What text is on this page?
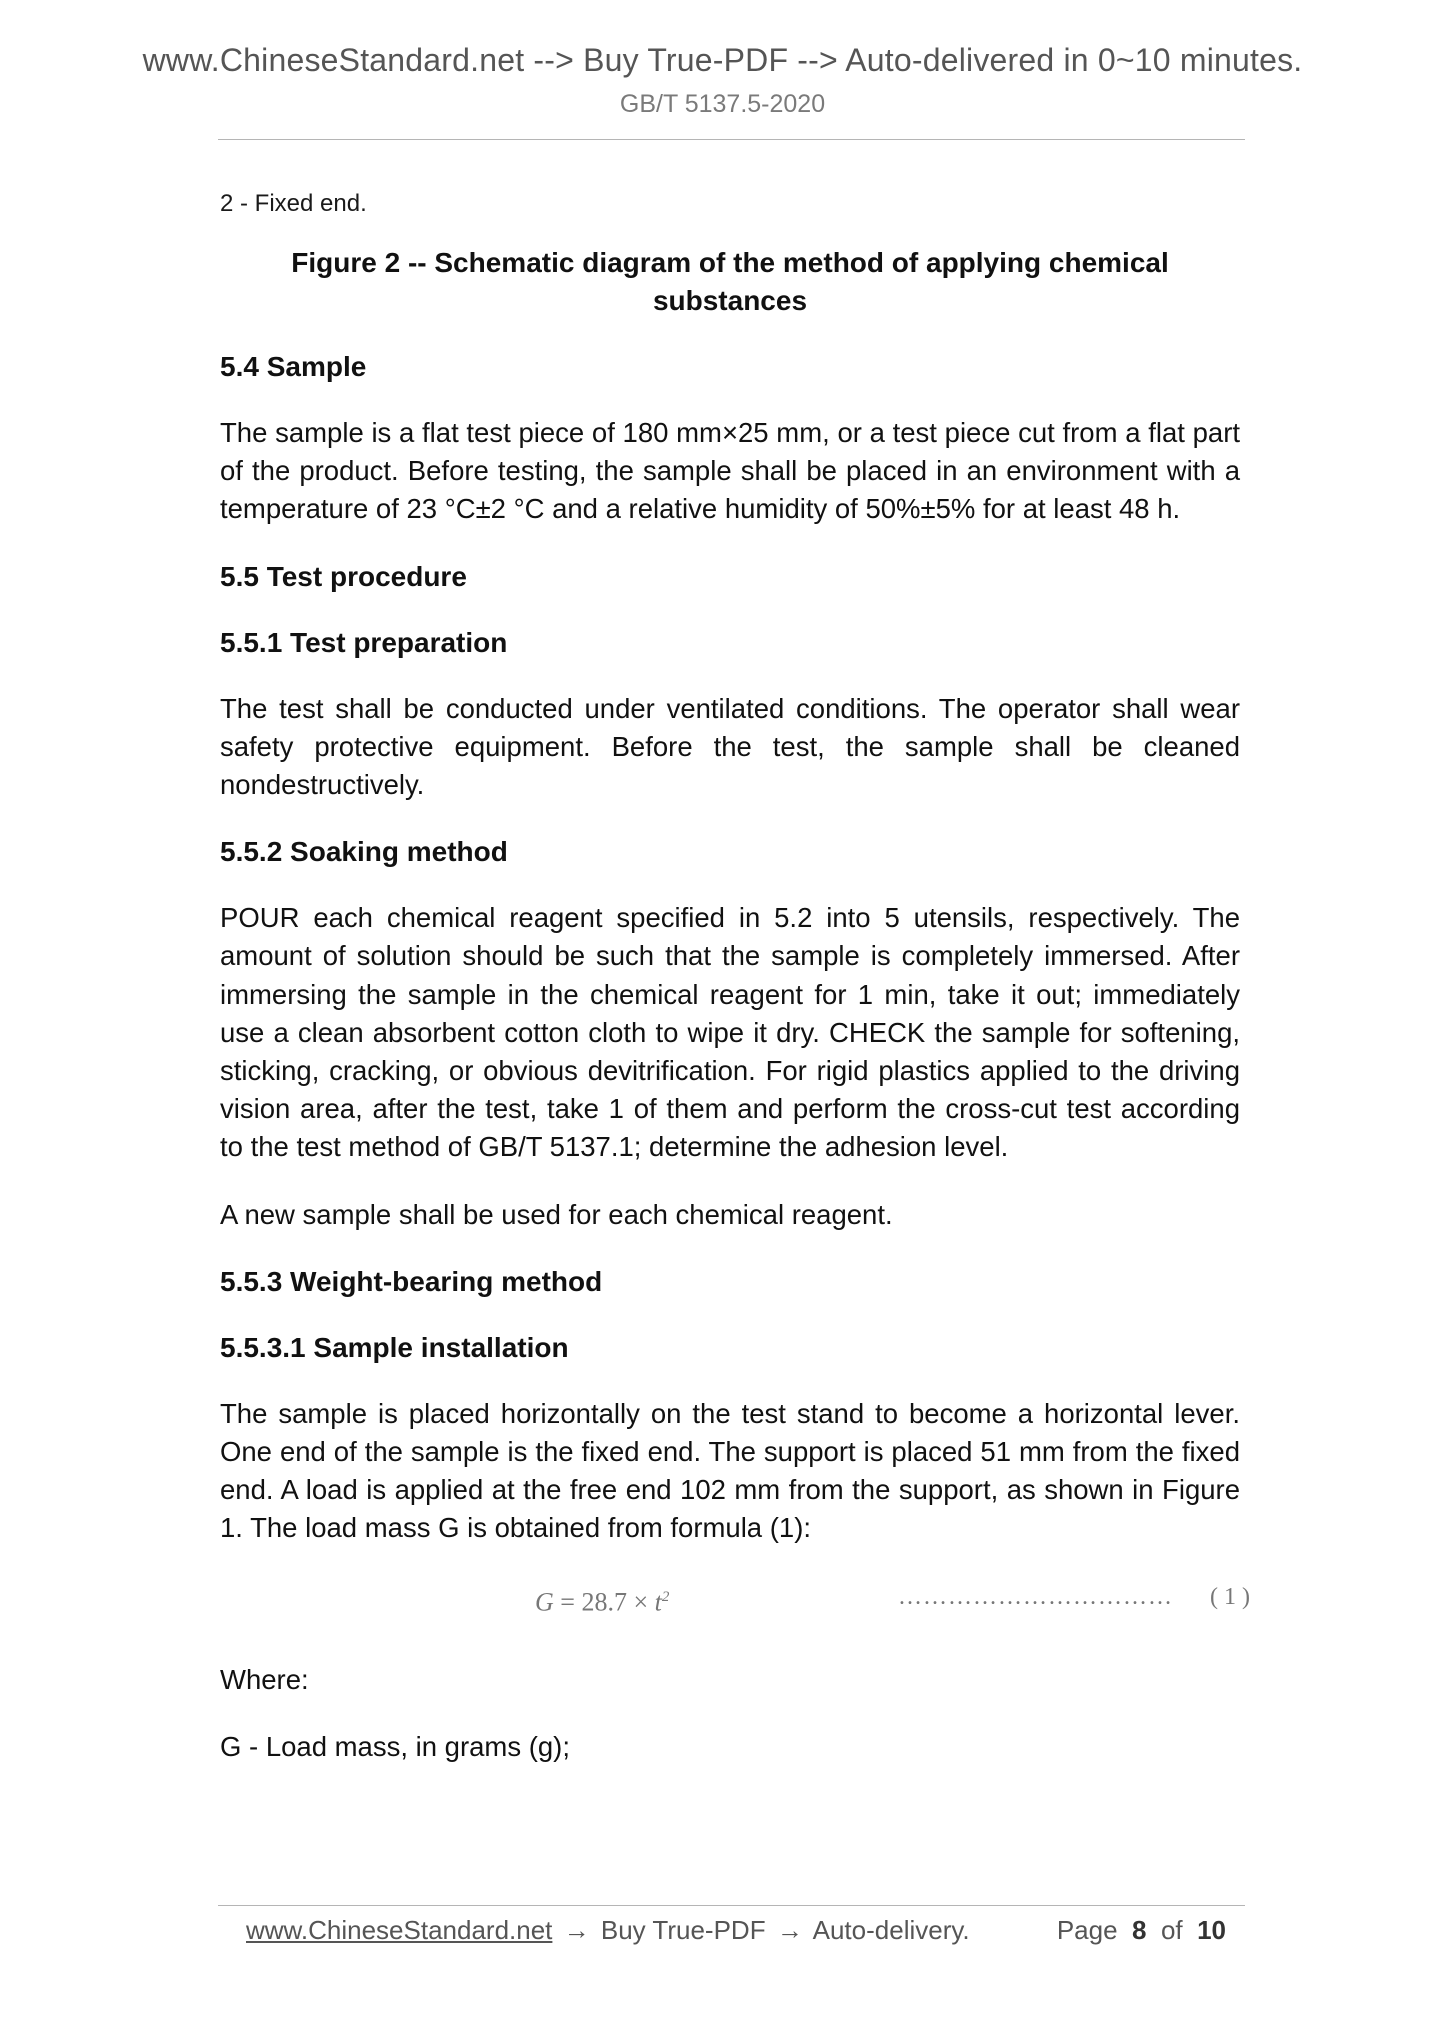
www.ChineseStandard.net --> Buy True-PDF --> Auto-delivered in 0~10 minutes.
GB/T 5137.5-2020

2 - Fixed end.

Figure 2 -- Schematic diagram of the method of applying chemical
substances
5.4 Sample

The sample is a flat test piece of 180 mm×25 mm, or a test piece cut from a flat part of the product. Before testing, the sample shall be placed in an environment with a temperature of 23 °C±2 °C and a relative humidity of 50%±5% for at least 48 h.

5.5 Test procedure
5.5.1 Test preparation

The test shall be conducted under ventilated conditions. The operator shall wear safety protective equipment. Before the test, the sample shall be cleaned nondestructively.

5.5.2 Soaking method

POUR each chemical reagent specified in 5.2 into 5 utensils, respectively. The amount of solution should be such that the sample is completely immersed. After immersing the sample in the chemical reagent for 1 min, take it out; immediately use a clean absorbent cotton cloth to wipe it dry. CHECK the sample for softening, sticking, cracking, or obvious devitrification. For rigid plastics applied to the driving vision area, after the test, take 1 of them and perform the cross-cut test according to the test method of GB/T 5137.1; determine the adhesion level.

A new sample shall be used for each chemical reagent.

5.5.3 Weight-bearing method
5.5.3.1 Sample installation

The sample is placed horizontally on the test stand to become a horizontal lever. One end of the sample is the fixed end. The support is placed 51 mm from the fixed end. A load is applied at the free end 102 mm from the support, as shown in Figure 1. The load mass G is obtained from formula (1):

$G = 28.7 \times t^2$	…………………………… ( 1 )

Where:

G - Load mass, in grams (g);

www.ChineseStandard.net → Buy True-PDF → Auto-delivery.	Page 8 of 10
